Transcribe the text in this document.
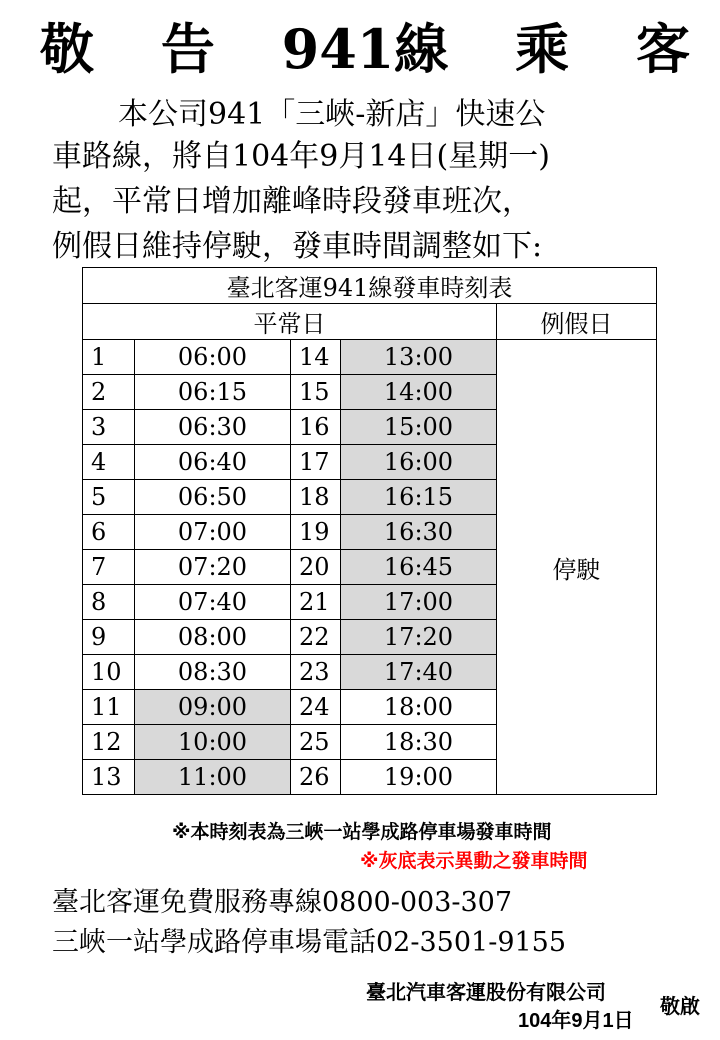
敬 告 941線 乘 客
本公司941「三峽-新店」快速公
車路線，將自104年9月14日(星期一)
起，平常日增加離峰時段發車班次，
例假日維持停駛，發車時間調整如下:
臺北客運941線發車時刻表				
平常日				例假日
1	06:00	14	13:00	停駛
2	06:15	15	14:00	
3	06:30	16	15:00	
4	06:40	17	16:00	
5	06:50	18	16:15	
6	07:00	19	16:30	
7	07:20	20	16:45	
8	07:40	21	17:00	
9	08:00	22	17:20	
10	08:30	23	17:40	
11	09:00	24	18:00	
12	10:00	25	18:30	
13	11:00	26	19:00	
※本時刻表為三峽一站學成路停車場發車時間
※灰底表示異動之發車時間
臺北客運免費服務專線0800-003-307
三峽一站學成路停車場電話02-3501-9155
臺北汽車客運股份有限公司
104年9月1日
敬啟
